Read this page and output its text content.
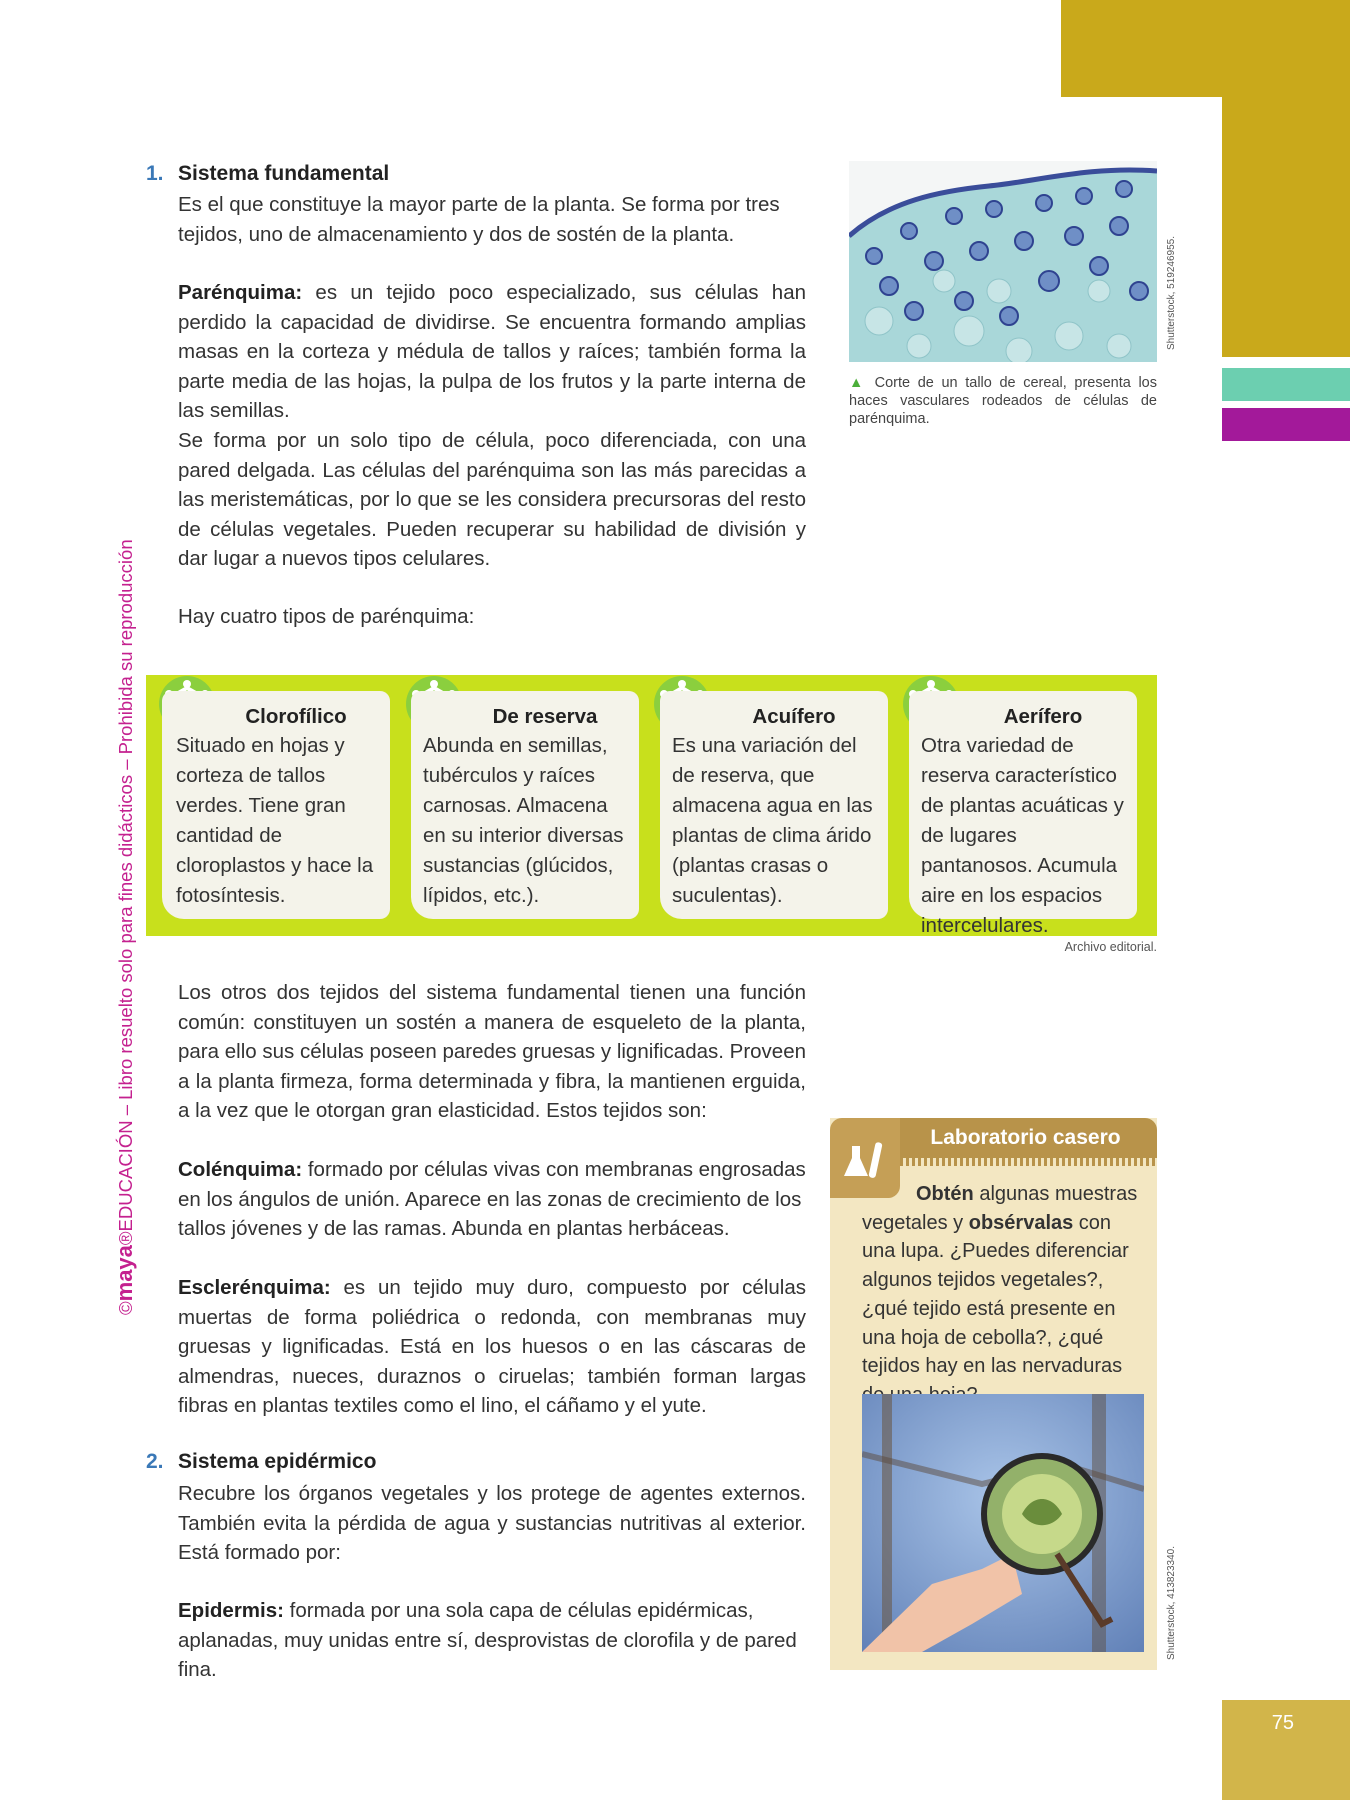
75
©maya®EDUCACIÓN – Libro resuelto solo para fines didácticos – Prohibida su reproducción
1. Sistema fundamental
Es el que constituye la mayor parte de la planta. Se forma por tres tejidos, uno de almacenamiento y dos de sostén de la planta.
Parénquima: es un tejido poco especializado, sus células han perdido la capacidad de dividirse. Se encuentra formando amplias masas en la corteza y médula de tallos y raíces; también forma la parte media de las hojas, la pulpa de los frutos y la parte interna de las semillas.
Se forma por un solo tipo de célula, poco diferenciada, con una pared delgada. Las células del parénquima son las más parecidas a las meristemáticas, por lo que se les considera precursoras del resto de células vegetales. Pueden recuperar su habilidad de división y dar lugar a nuevos tipos celulares.
Hay cuatro tipos de parénquima:
Shutterstock, 519246955.
▲ Corte de un tallo de cereal, presenta los haces vasculares rodeados de células de parénquima.
Clorofílico
Situado en hojas y corteza de tallos verdes. Tiene gran cantidad de cloroplastos y hace la fotosíntesis.
De reserva
Abunda en semillas, tubérculos y raíces carnosas. Almacena en su interior diversas sustancias (glúcidos, lípidos, etc.).
Acuífero
Es una variación del de reserva, que almacena agua en las plantas de clima árido (plantas crasas o suculentas).
Aerífero
Otra variedad de reserva característico de plantas acuáticas y de lugares pantanosos. Acumula aire en los espacios intercelulares.
Archivo editorial.
Los otros dos tejidos del sistema fundamental tienen una función común: constituyen un sostén a manera de esqueleto de la planta, para ello sus células poseen paredes gruesas y lignificadas. Proveen a la planta firmeza, forma determinada y fibra, la mantienen erguida, a la vez que le otorgan gran elasticidad. Estos tejidos son:
Colénquima: formado por células vivas con membranas engrosadas en los ángulos de unión. Aparece en las zonas de crecimiento de los tallos jóvenes y de las ramas. Abunda en plantas herbáceas.
Esclerénquima: es un tejido muy duro, compuesto por células muertas de forma poliédrica o redonda, con membranas muy gruesas y lignificadas. Está en los huesos o en las cáscaras de almendras, nueces, duraznos o ciruelas; también forman largas fibras en plantas textiles como el lino, el cáñamo y el yute.
2. Sistema epidérmico
Recubre los órganos vegetales y los protege de agentes externos. También evita la pérdida de agua y sustancias nutritivas al exterior. Está formado por:
Epidermis: formada por una sola capa de células epidérmicas, aplanadas, muy unidas entre sí, desprovistas de clorofila y de pared fina.
Laboratorio casero
Obtén algunas muestras vegetales y obsérvalas con una lupa. ¿Puedes diferenciar algunos tejidos vegetales?, ¿qué tejido está presente en una hoja de cebolla?, ¿qué tejidos hay en las nervaduras
Shutterstock, 413823340.
